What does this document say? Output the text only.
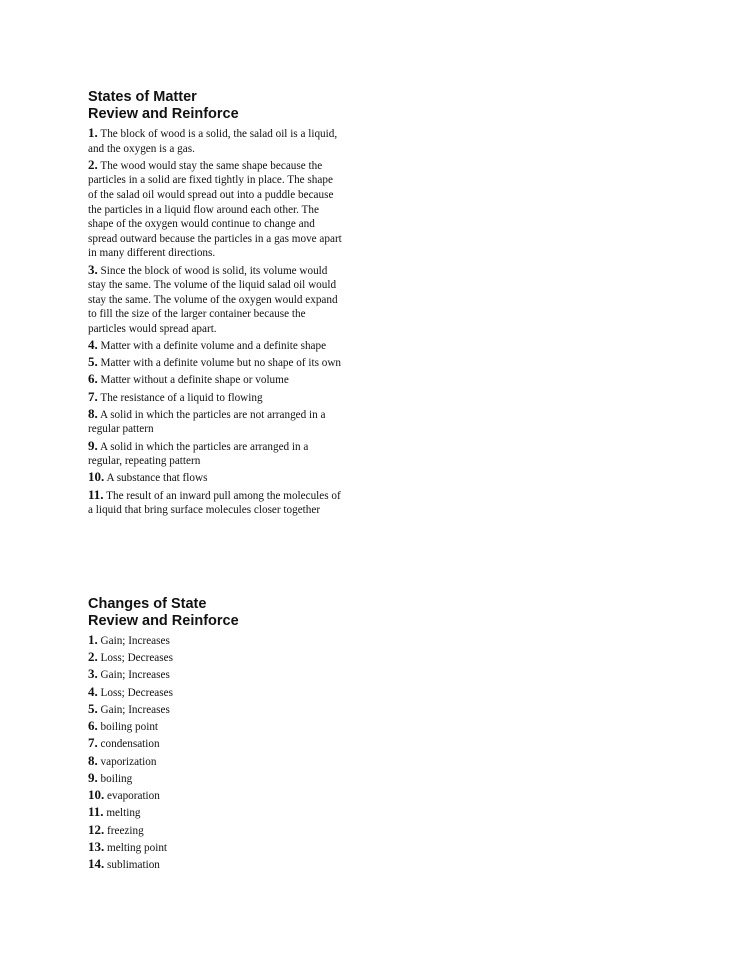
States of Matter
Review and Reinforce
1. The block of wood is a solid, the salad oil is a liquid, and the oxygen is a gas.
2. The wood would stay the same shape because the particles in a solid are fixed tightly in place. The shape of the salad oil would spread out into a puddle because the particles in a liquid flow around each other. The shape of the oxygen would continue to change and spread outward because the particles in a gas move apart in many different directions.
3. Since the block of wood is solid, its volume would stay the same. The volume of the liquid salad oil would stay the same. The volume of the oxygen would expand to fill the size of the larger container because the particles would spread apart.
4. Matter with a definite volume and a definite shape
5. Matter with a definite volume but no shape of its own
6. Matter without a definite shape or volume
7. The resistance of a liquid to flowing
8. A solid in which the particles are not arranged in a regular pattern
9. A solid in which the particles are arranged in a regular, repeating pattern
10. A substance that flows
11. The result of an inward pull among the molecules of a liquid that bring surface molecules closer together
Changes of State
Review and Reinforce
1. Gain; Increases
2. Loss; Decreases
3. Gain; Increases
4. Loss; Decreases
5. Gain; Increases
6. boiling point
7. condensation
8. vaporization
9. boiling
10. evaporation
11. melting
12. freezing
13. melting point
14. sublimation
